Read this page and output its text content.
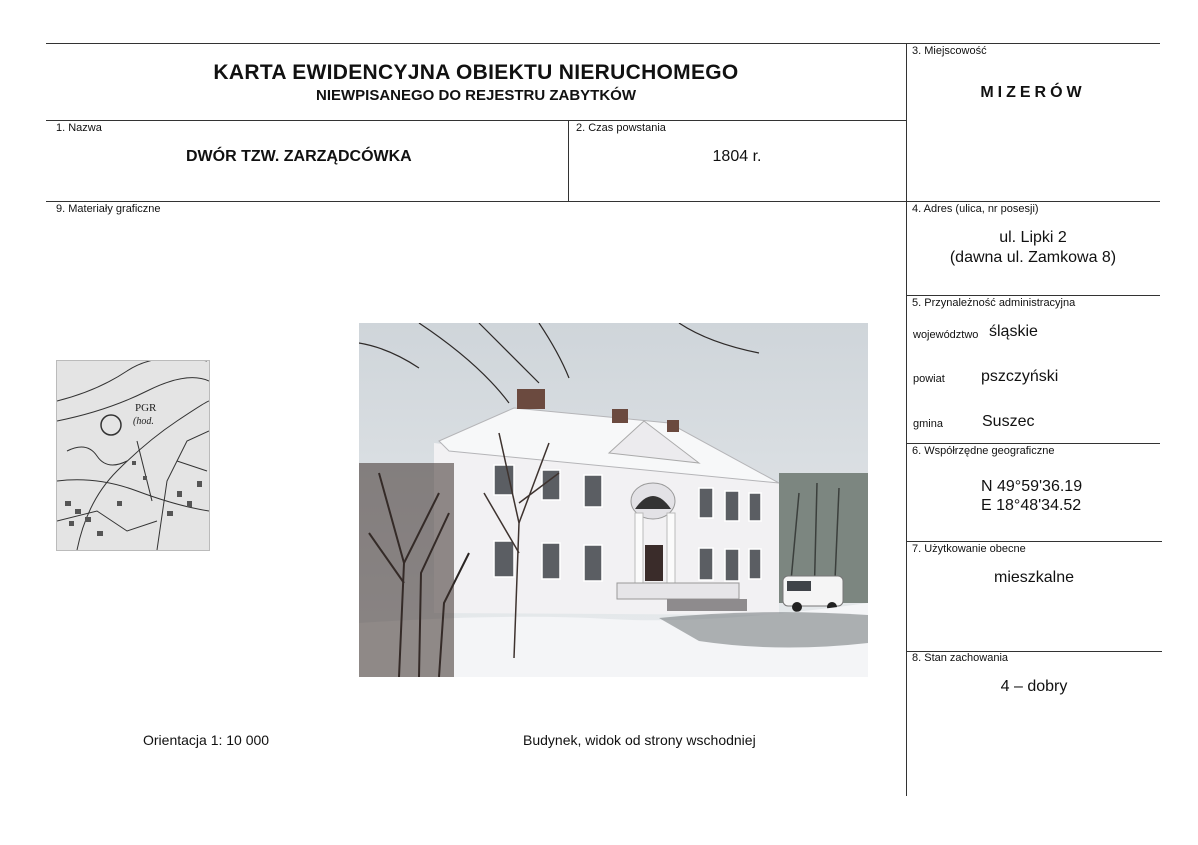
KARTA EWIDENCYJNA OBIEKTU NIERUCHOMEGO
NIEWPISANEGO DO REJESTRU ZABYTKÓW
1. Nazwa
DWÓR TZW. ZARZĄDCÓWKA
2. Czas powstania
1804 r.
3. Miejscowość
MIZERÓW
4. Adres (ulica, nr posesji)
ul. Lipki 2
(dawna ul. Zamkowa 8)
5. Przynależność administracyjna
województwo śląskie
powiat pszczyński
gmina Suszec
6. Współrzędne geograficzne
N 49°59'36.19
E 18°48'34.52
7. Użytkowanie obecne
mieszkalne
8. Stan zachowania
4 – dobry
9. Materiały graficzne
PGR
(hod.
Orientacja 1: 10 000	Budynek, widok od strony wschodniej
